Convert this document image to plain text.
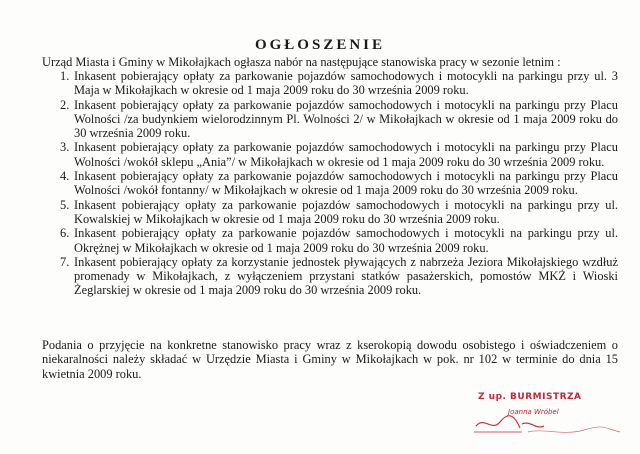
OGŁOSZENIE
Urząd Miasta i Gminy w Mikołajkach ogłasza nabór na następujące stanowiska pracy w sezonie letnim :
1. Inkasent pobierający opłaty za parkowanie pojazdów samochodowych i motocykli na parkingu przy ul. 3 Maja w Mikołajkach w okresie od 1 maja 2009 roku do 30 września 2009 roku.
2. Inkasent pobierający opłaty za parkowanie pojazdów samochodowych i motocykli na parkingu przy Placu Wolności /za budynkiem wielorodzinnym Pl. Wolności 2/ w Mikołajkach w okresie od 1 maja 2009 roku do 30 września 2009 roku.
3. Inkasent pobierający opłaty za parkowanie pojazdów samochodowych i motocykli na parkingu przy Placu Wolności /wokół sklepu „Ania”/ w Mikołajkach w okresie od 1 maja 2009 roku do 30 września 2009 roku.
4. Inkasent pobierający opłaty za parkowanie pojazdów samochodowych i motocykli na parkingu przy Placu Wolności /wokół fontanny/ w Mikołajkach w okresie od 1 maja 2009 roku do 30 września 2009 roku.
5. Inkasent pobierający opłaty za parkowanie pojazdów samochodowych i motocykli na parkingu przy ul. Kowalskiej w Mikołajkach w okresie od 1 maja 2009 roku do 30 września 2009 roku.
6. Inkasent pobierający opłaty za parkowanie pojazdów samochodowych i motocykli na parkingu przy ul. Okrężnej w Mikołajkach w okresie od 1 maja 2009 roku do 30 września 2009 roku.
7. Inkasent pobierający opłaty za korzystanie jednostek pływających z nabrzeża Jeziora Mikołajskiego wzdłuż promenady w Mikołajkach, z wyłączeniem przystani statków pasażerskich, pomostów MKŻ i Wioski Żeglarskiej w okresie od 1 maja 2009 roku do 30 września 2009 roku.
Podania o przyjęcie na konkretne stanowisko pracy wraz z kserokopią dowodu osobistego i oświadczeniem o niekaralności należy składać w Urzędzie Miasta i Gminy w Mikołajkach w pok. nr 102 w terminie do dnia 15 kwietnia 2009 roku.
Z up. BURMISTRZA
Joanna Wróbel
